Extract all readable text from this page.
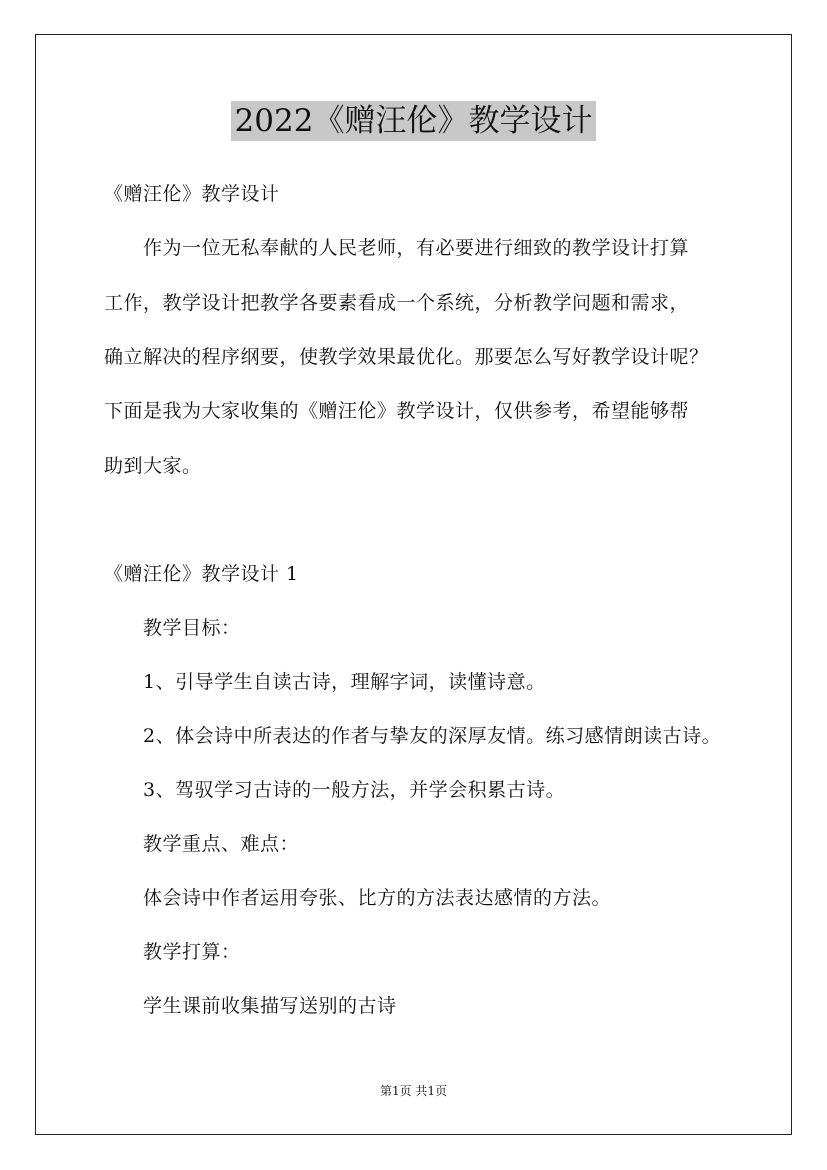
2022《赠汪伦》教学设计
《赠汪伦》教学设计
作为一位无私奉献的人民老师，有必要进行细致的教学设计打算
工作，教学设计把教学各要素看成一个系统，分析教学问题和需求，
确立解决的程序纲要，使教学效果最优化。那要怎么写好教学设计呢？
下面是我为大家收集的《赠汪伦》教学设计，仅供参考，希望能够帮
助到大家。
《赠汪伦》教学设计 1
教学目标：
1、引导学生自读古诗，理解字词，读懂诗意。
2、体会诗中所表达的作者与挚友的深厚友情。练习感情朗读古诗。
3、驾驭学习古诗的一般方法，并学会积累古诗。
教学重点、难点：
体会诗中作者运用夸张、比方的方法表达感情的方法。
教学打算：
学生课前收集描写送别的古诗
第1页 共1页
